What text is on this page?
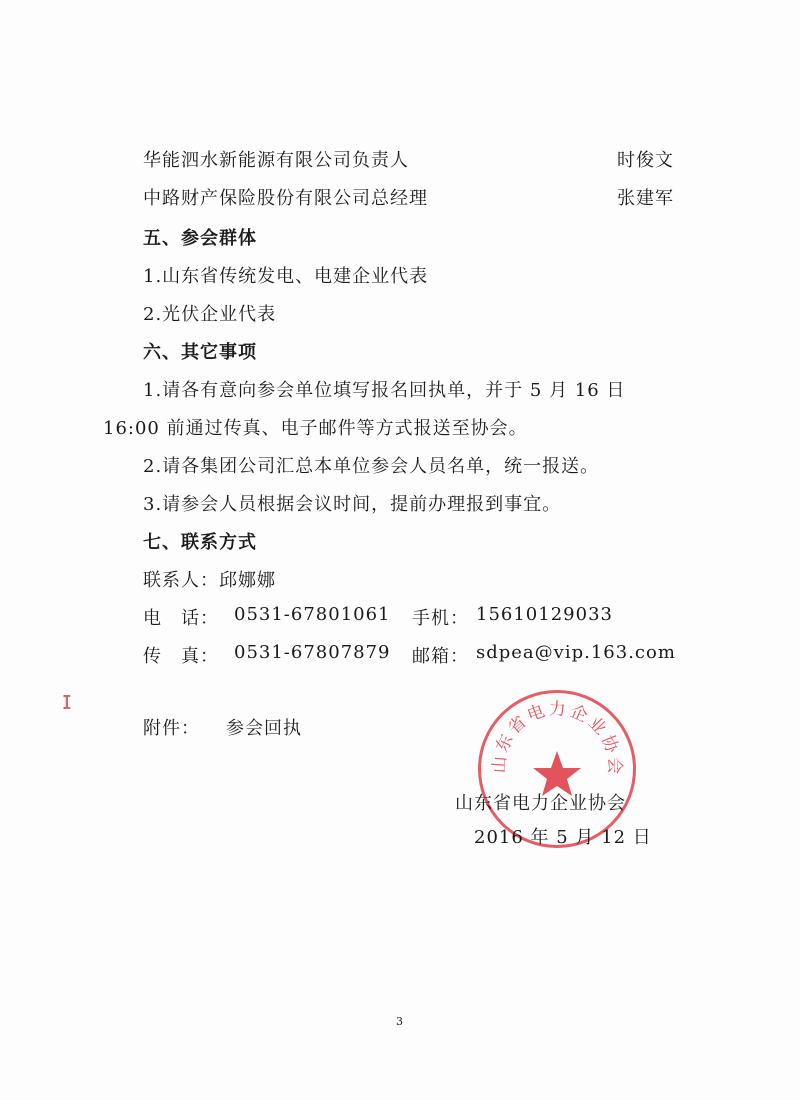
华能泗水新能源有限公司负责人	时俊文
中路财产保险股份有限公司总经理	张建军
五、参会群体
1.山东省传统发电、电建企业代表
2.光伏企业代表
六、其它事项
1.请各有意向参会单位填写报名回执单，并于 5 月 16 日
16:00 前通过传真、电子邮件等方式报送至协会。
2.请各集团公司汇总本单位参会人员名单，统一报送。
3.请参会人员根据会议时间，提前办理报到事宜。
七、联系方式
联系人：邱娜娜
电　话： 0531-67801061 手机： 15610129033
传　真： 0531-67807879 邮箱： sdpea@vip.163.com
ɪ
附件： 参会回执
山东省电力企业协会
山东省电力企业协会
2016 年 5 月 12 日
3
